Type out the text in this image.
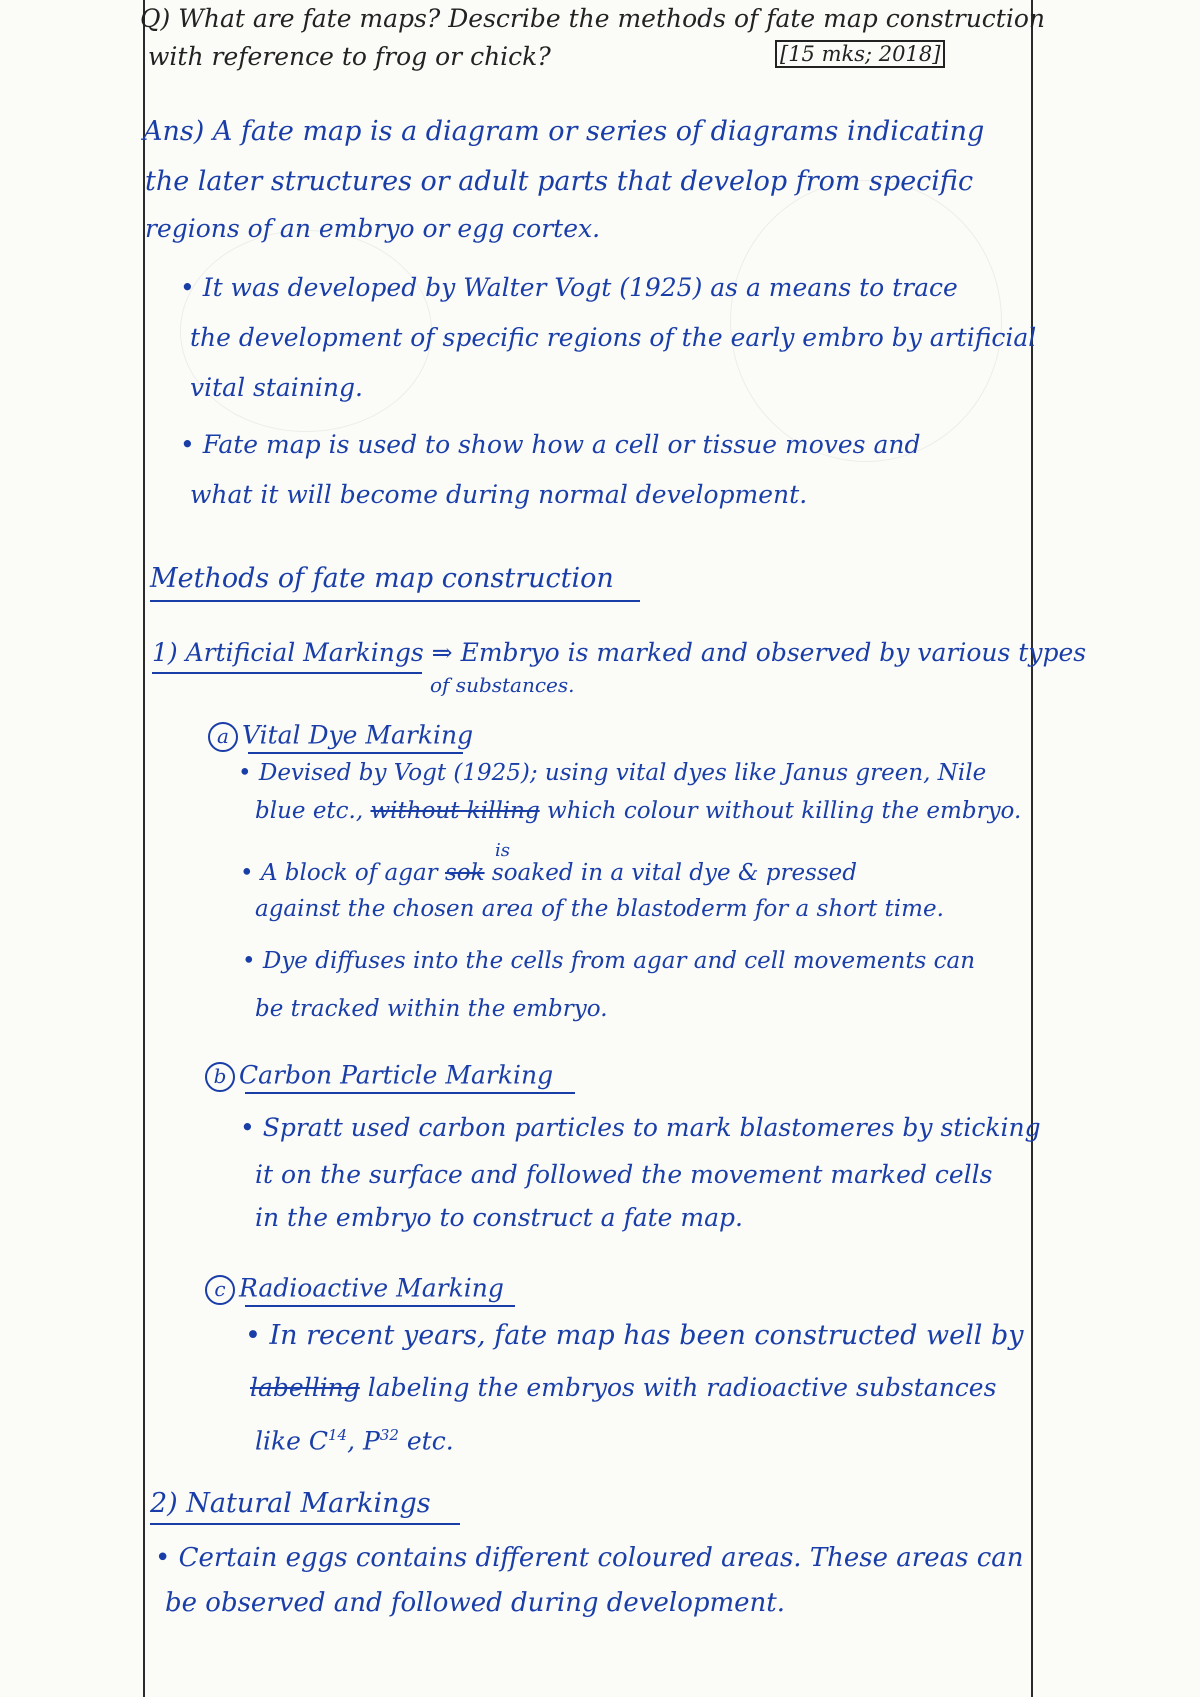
Q) What are fate maps? Describe the methods of fate map construction
with reference to frog or chick?	[15 mks; 2018]
Ans) A fate map is a diagram or series of diagrams indicating
the later structures or adult parts that develop from specific
regions of an embryo or egg cortex.
• It was developed by Walter Vogt (1925) as a means to trace
the development of specific regions of the early embro by artificial
vital staining.
• Fate map is used to show how a cell or tissue moves and
what it will become during normal development.
Methods of fate map construction
1) Artificial Markings ⇒ Embryo is marked and observed by various types
of substances.
a Vital Dye Marking
• Devised by Vogt (1925); using vital dyes like Janus green, Nile
blue etc., without killing which colour without killing the embryo.
• A block of agar sok soaked in a vital dye & pressed
is
against the chosen area of the blastoderm for a short time.
• Dye diffuses into the cells from agar and cell movements can
be tracked within the embryo.
b Carbon Particle Marking
• Spratt used carbon particles to mark blastomeres by sticking
it on the surface and followed the movement marked cells
in the embryo to construct a fate map.
c Radioactive Marking
• In recent years, fate map has been constructed well by
labelling labeling the embryos with radioactive substances
like $C^{14}$, $P^{32}$ etc.
2) Natural Markings
• Certain eggs contains different coloured areas. These areas can
be observed and followed during development.
